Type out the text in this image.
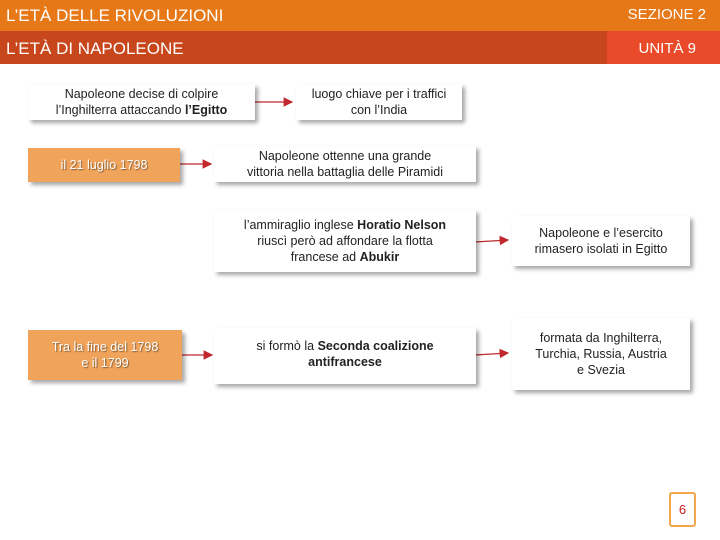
L’ETÀ DELLE RIVOLUZIONI
L’ETÀ DI NAPOLEONE
SEZIONE 2
UNITÀ 9
Napoleone decise di colpire
l’Inghilterra attaccando l’Egitto
luogo chiave per i traffici
con l’India
il 21 luglio 1798
Napoleone ottenne una grande
vittoria nella battaglia delle Piramidi
l’ammiraglio inglese Horatio Nelson
riuscì però ad affondare la flotta
francese ad Abukir
Napoleone e l’esercito
rimasero isolati in Egitto
Tra la fine del 1798
e il 1799
si formò la Seconda coalizione
antifrancese
formata da Inghilterra,
Turchia, Russia, Austria
e Svezia
6
